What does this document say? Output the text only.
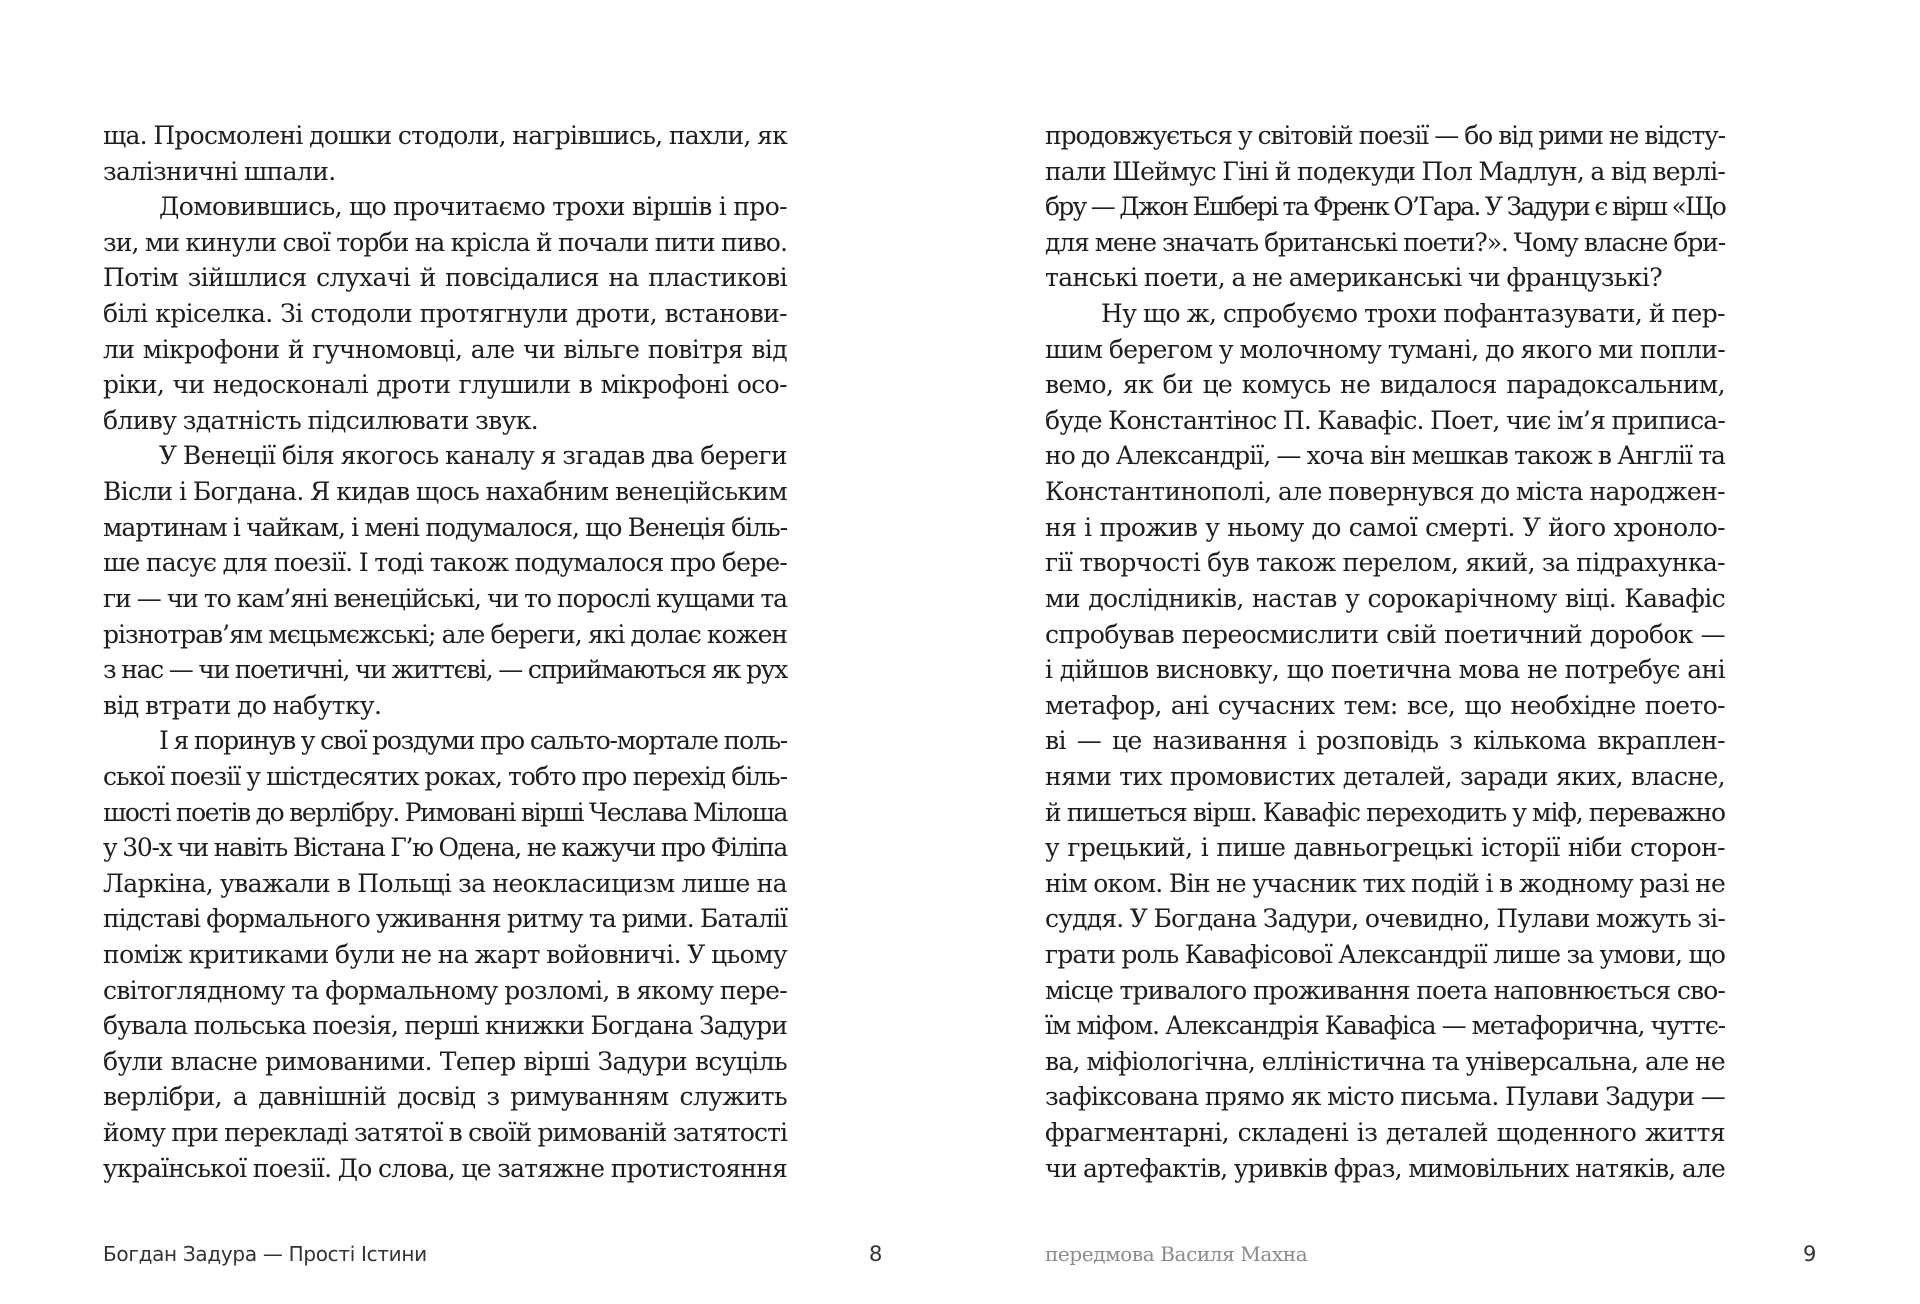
ща. Просмолені дошки стодоли, нагрівшись, пахли, як
залізничні шпали.
Домовившись, що прочитаємо трохи віршів і про-
зи, ми кинули свої торби на крісла й почали пити пиво.
Потім зійшлися слухачі й повсідалися на пластикові
білі кріселка. Зі стодоли протягнули дроти, встанови-
ли мікрофони й гучномовці, але чи вільге повітря від
ріки, чи недосконалі дроти глушили в мікрофоні осо-
бливу здатність підсилювати звук.
У Венеції біля якогось каналу я згадав два береги
Вісли і Богдана. Я кидав щось нахабним венеційським
мартинам і чайкам, і мені подумалося, що Венеція біль-
ше пасує для поезії. І тоді також подумалося про бере-
ги — чи то кам’яні венеційські, чи то порослі кущами та
різнотрав’ям мєцьмєжські; але береги, які долає кожен
з нас — чи поетичні, чи життєві, — сприймаються як рух
від втрати до набутку.
І я поринув у свої роздуми про сальто-мортале поль-
ської поезії у шістдесятих роках, тобто про перехід біль-
шості поетів до верлібру. Римовані вірші Чеслава Мілоша
у 30-х чи навіть Вістана Г’ю Одена, не кажучи про Філіпа
Ларкіна, уважали в Польщі за неокласицизм лише на
підставі формального уживання ритму та рими. Баталії
поміж критиками були не на жарт войовничі. У цьому
світоглядному та формальному розломі, в якому пере-
бувала польська поезія, перші книжки Богдана Задури
були власне римованими. Тепер вірші Задури всуціль
верлібри, а давнішній досвід з римуванням служить
йому при перекладі затятої в своїй римованій затятості
української поезії. До слова, це затяжне протистояння
Богдан Задура — Прості Істини	8
продовжується у світовій поезії — бо від рими не відсту-
пали Шеймус Гіні й подекуди Пол Мадлун, а від верлі-
бру — Джон Ешбері та Френк О’Гара. У Задури є вірш «Що
для мене значать британські поети?». Чому власне бри-
танські поети, а не американські чи французькі?
Ну що ж, спробуємо трохи пофантазувати, й пер-
шим берегом у молочному тумані, до якого ми попли-
вемо, як би це комусь не видалося парадоксальним,
буде Константінос П. Кавафіс. Поет, чиє ім’я приписа-
но до Александрії, — хоча він мешкав також в Англії та
Константинополі, але повернувся до міста народжен-
ня і прожив у ньому до самої смерті. У його хроноло-
гії творчості був також перелом, який, за підрахунка-
ми дослідників, настав у сорокарічному віці. Кавафіс
спробував переосмислити свій поетичний доробок —
і дійшов висновку, що поетична мова не потребує ані
метафор, ані сучасних тем: все, що необхідне поето-
ві — це називання і розповідь з кількома вкраплен-
нями тих промовистих деталей, заради яких, власне,
й пишеться вірш. Кавафіс переходить у міф, переважно
у грецький, і пише давньогрецькі історії ніби сторон-
нім оком. Він не учасник тих подій і в жодному разі не
суддя. У Богдана Задури, очевидно, Пулави можуть зі-
грати роль Кавафісової Александрії лише за умови, що
місце тривалого проживання поета наповнюється сво-
їм міфом. Александрія Кавафіса — метафорична, чуттє-
ва, міфіологічна, еллiністична та універсальна, але не
зафіксована прямо як місто письма. Пулави Задури —
фрагментарні, складені із деталей щоденного життя
чи артефактів, уривків фраз, мимовільних натяків, але
передмова Василя Махна	9
